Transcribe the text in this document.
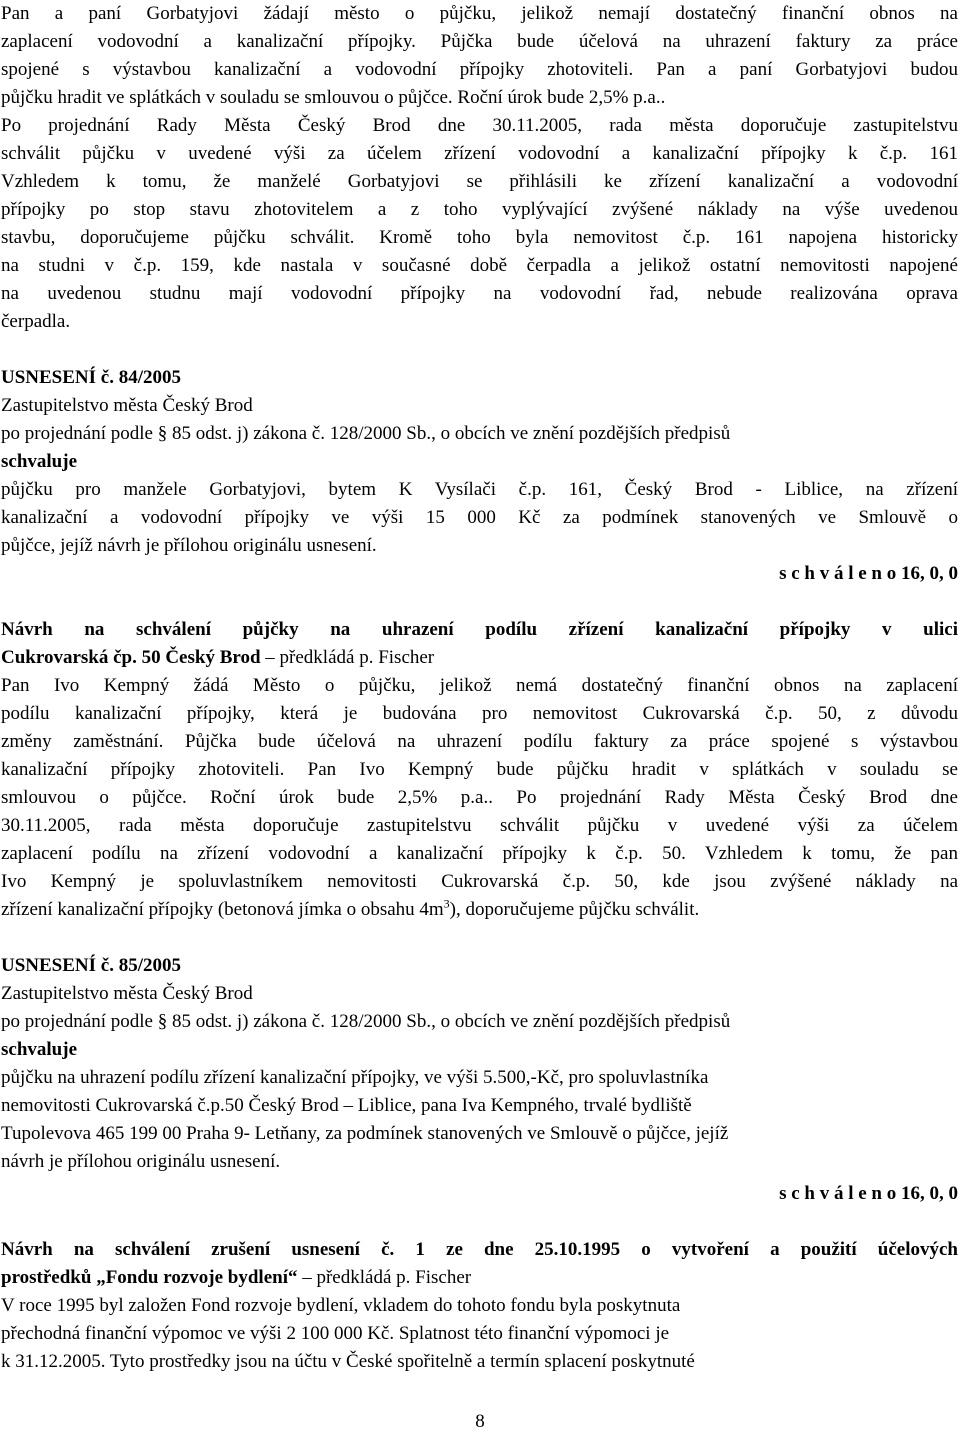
Pan a paní Gorbatyjovi žádají město o půjčku, jelikož nemají dostatečný finanční obnos na
zaplacení vodovodní a kanalizační přípojky. Půjčka bude účelová na uhrazení faktury za práce
spojené s výstavbou kanalizační a vodovodní přípojky zhotoviteli. Pan a paní Gorbatyjovi budou
půjčku hradit ve splátkách v souladu se smlouvou o půjčce. Roční úrok bude 2,5% p.a..
Po projednání Rady Města Český Brod dne 30.11.2005, rada města doporučuje zastupitelstvu
schválit půjčku v uvedené výši za účelem zřízení vodovodní a kanalizační přípojky k č.p. 161
Vzhledem k tomu, že manželé Gorbatyjovi se přihlásili ke zřízení kanalizační a vodovodní
přípojky po stop stavu zhotovitelem a z toho vyplývající zvýšené náklady na výše uvedenou
stavbu, doporučujeme půjčku schválit. Kromě toho byla nemovitost č.p. 161 napojena historicky
na studni v č.p. 159, kde nastala v současné době čerpadla a jelikož ostatní nemovitosti napojené
na uvedenou studnu mají vodovodní přípojky na vodovodní řad, nebude realizována oprava
čerpadla.
USNESENÍ č. 84/2005
Zastupitelstvo města Český Brod
po projednání podle § 85 odst. j) zákona č. 128/2000 Sb., o obcích ve znění pozdějších předpisů
schvaluje
půjčku pro manžele Gorbatyjovi, bytem K Vysílači č.p. 161, Český Brod - Liblice, na zřízení
kanalizační a vodovodní přípojky ve výši 15 000 Kč za podmínek stanovených ve Smlouvě o
půjčce, jejíž návrh je přílohou originálu usnesení.
s c h v á l e n o 16, 0, 0
Návrh na schválení půjčky na uhrazení podílu zřízení kanalizační přípojky v ulici
Cukrovarská čp. 50 Český Brod – předkládá p. Fischer
Pan Ivo Kempný žádá Město o půjčku, jelikož nemá dostatečný finanční obnos na zaplacení
podílu kanalizační přípojky, která je budována pro nemovitost Cukrovarská č.p. 50, z důvodu
změny zaměstnání. Půjčka bude účelová na uhrazení podílu faktury za práce spojené s výstavbou
kanalizační přípojky zhotoviteli. Pan Ivo Kempný bude půjčku hradit v splátkách v souladu se
smlouvou o půjčce. Roční úrok bude 2,5% p.a.. Po projednání Rady Města Český Brod dne
30.11.2005, rada města doporučuje zastupitelstvu schválit půjčku v uvedené výši za účelem
zaplacení podílu na zřízení vodovodní a kanalizační přípojky k č.p. 50. Vzhledem k tomu, že pan
Ivo Kempný je spoluvlastníkem nemovitosti Cukrovarská č.p. 50, kde jsou zvýšené náklady na
zřízení kanalizační přípojky (betonová jímka o obsahu $4m^3$), doporučujeme půjčku schválit.
USNESENÍ č. 85/2005
Zastupitelstvo města Český Brod
po projednání podle § 85 odst. j) zákona č. 128/2000 Sb., o obcích ve znění pozdějších předpisů
schvaluje
půjčku na uhrazení podílu zřízení kanalizační přípojky, ve výši 5.500,-Kč, pro spoluvlastníka
nemovitosti Cukrovarská č.p.50 Český Brod – Liblice, pana Iva Kempného, trvalé bydliště
Tupolevova 465 199 00 Praha 9- Letňany, za podmínek stanovených ve Smlouvě o půjčce, jejíž
návrh je přílohou originálu usnesení.
s c h v á l e n o 16, 0, 0
Návrh na schválení zrušení usnesení č. 1 ze dne 25.10.1995 o vytvoření a použití účelových
prostředků „Fondu rozvoje bydlení“ – předkládá p. Fischer
V roce 1995 byl založen Fond rozvoje bydlení, vkladem do tohoto fondu byla poskytnuta
přechodná finanční výpomoc ve výši 2 100 000 Kč. Splatnost této finanční výpomoci je
k 31.12.2005. Tyto prostředky jsou na účtu v České spořitelně a termín splacení poskytnuté
8
